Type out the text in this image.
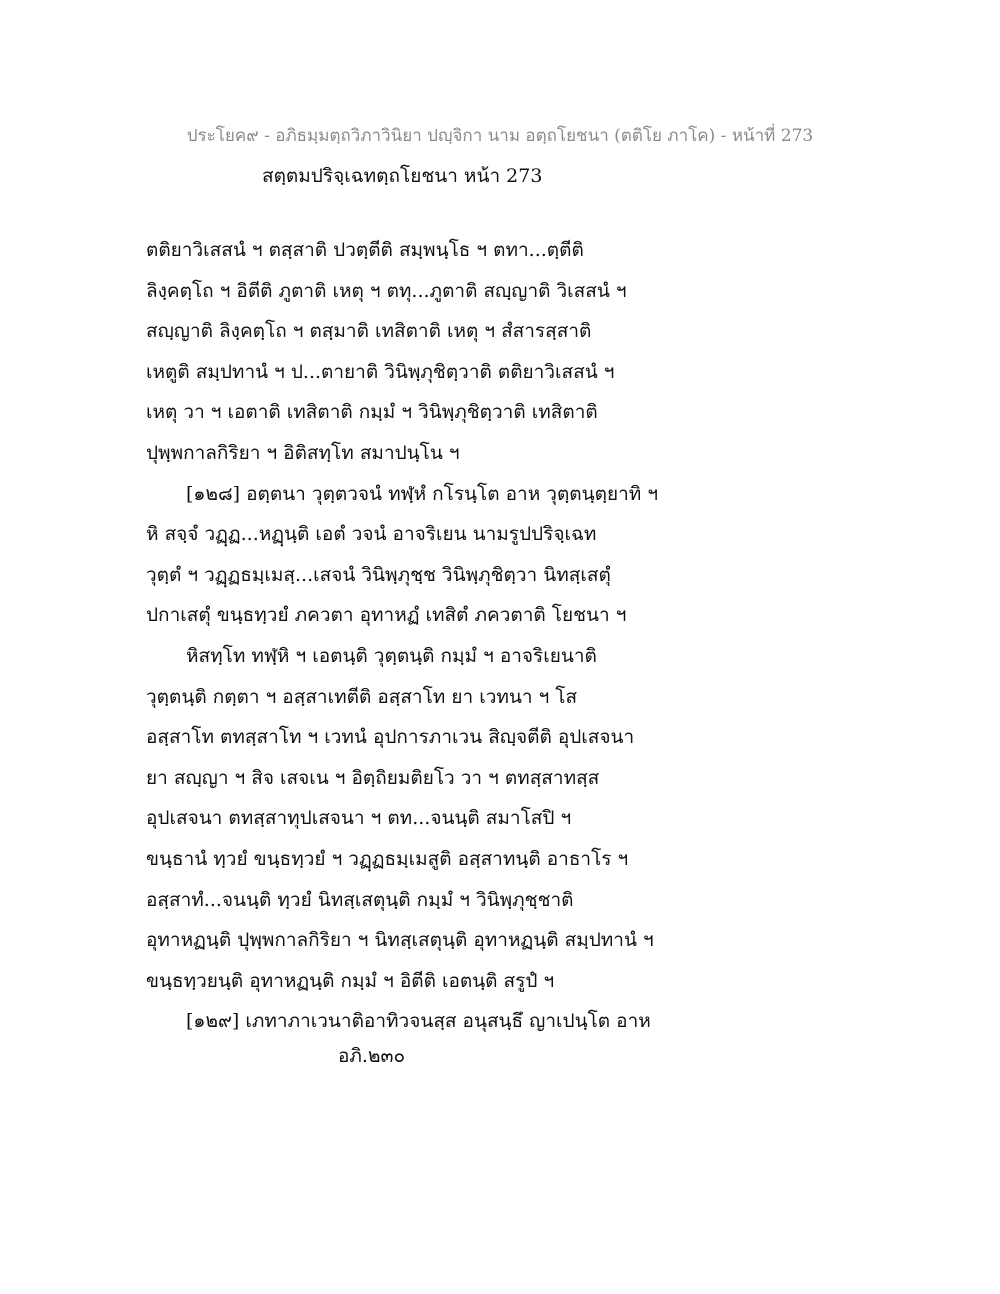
ประโยค๙ - อภิธมฺมตฺถวิภาวินิยา ปญฺจิกา นาม อตฺถโยชนา (ตติโย ภาโค) - หน้าที่ 273
สตฺตมปริจฺเฉทตฺถโยชนา หน้า 273
ตติยาวิเสสนํ ฯ ตสฺสาติ ปวตฺตีติ สมฺพนฺโธ ฯ ตทา...ตฺตีติ
ลิงฺคตฺโถ ฯ อิตีติ ภูตาติ เหตุ ฯ ตทุ...ภูตาติ สญฺญาติ วิเสสนํ ฯ
สญฺญาติ ลิงฺคตฺโถ ฯ ตสฺมาติ เทสิตาติ เหตุ ฯ สํสารสฺสาติ
เหตูติ สมฺปทานํ ฯ ป...ตายาติ วินิพฺภุชิตฺวาติ ตติยาวิเสสนํ ฯ
เหตุ วา ฯ เอตาติ เทสิตาติ กมฺมํ ฯ วินิพฺภุชิตฺวาติ เทสิตาติ
ปุพฺพกาลกิริยา ฯ อิติสทฺโท สมาปนฺโน ฯ
[๑๒๘] อตฺตนา วุตฺตวจนํ ทฬฺหํ กโรนฺโต อาห วุตฺตนฺตฺยาทิ ฯ
หิ สจฺจํ วฏฺฏ...หฏฺนฺติ เอตํ วจนํ อาจริเยน นามรูปปริจฺเฉท
วุตฺตํ ฯ วฏฺฏธมฺเมสฺ...เสจนํ วินิพฺภุชฺช วินิพฺภุชิตฺวา นิทสฺเสตุํ
ปกาเสตุํ ขนฺธทฺวยํ ภควตา อุทาหฏํ เทสิตํ ภควตาติ โยชนา ฯ
หิสทฺโท ทฬฺหิ ฯ เอตนฺติ วุตฺตนฺติ กมฺมํ ฯ อาจริเยนาติ
วุตฺตนฺติ กตฺตา ฯ อสฺสาเทตีติ อสฺสาโท ยา เวทนา ฯ โส
อสฺสาโท ตทสฺสาโท ฯ เวทนํ อุปการภาเวน สิญฺจตีติ อุปเสจนา
ยา สญฺญา ฯ สิจ เสจเน ฯ อิตฺถิยมติยโว วา ฯ ตทสฺสาทสฺส
อุปเสจนา ตทสฺสาทุปเสจนา ฯ ตท...จนนฺติ สมาโสปิ ฯ
ขนฺธานํ ทฺวยํ ขนฺธทฺวยํ ฯ วฏฺฏธมฺเมสูติ อสฺสาทนฺติ อาธาโร ฯ
อสฺสาทํ...จนนฺติ ทฺวยํ นิทสฺเสตุนฺติ กมฺมํ ฯ วินิพฺภุชฺชาติ
อุทาหฏนฺติ ปุพฺพกาลกิริยา ฯ นิทสฺเสตุนฺติ อุทาหฏนฺติ สมฺปทานํ ฯ
ขนฺธทฺวยนฺติ อุทาหฏนฺติ กมฺมํ ฯ อิตีติ เอตนฺติ สรูปํ ฯ
[๑๒๙] เภทาภาเวนาติอาทิวจนสฺส อนุสนฺธึ ญาเปนฺโต อาห
อภิ.๒๓๐
